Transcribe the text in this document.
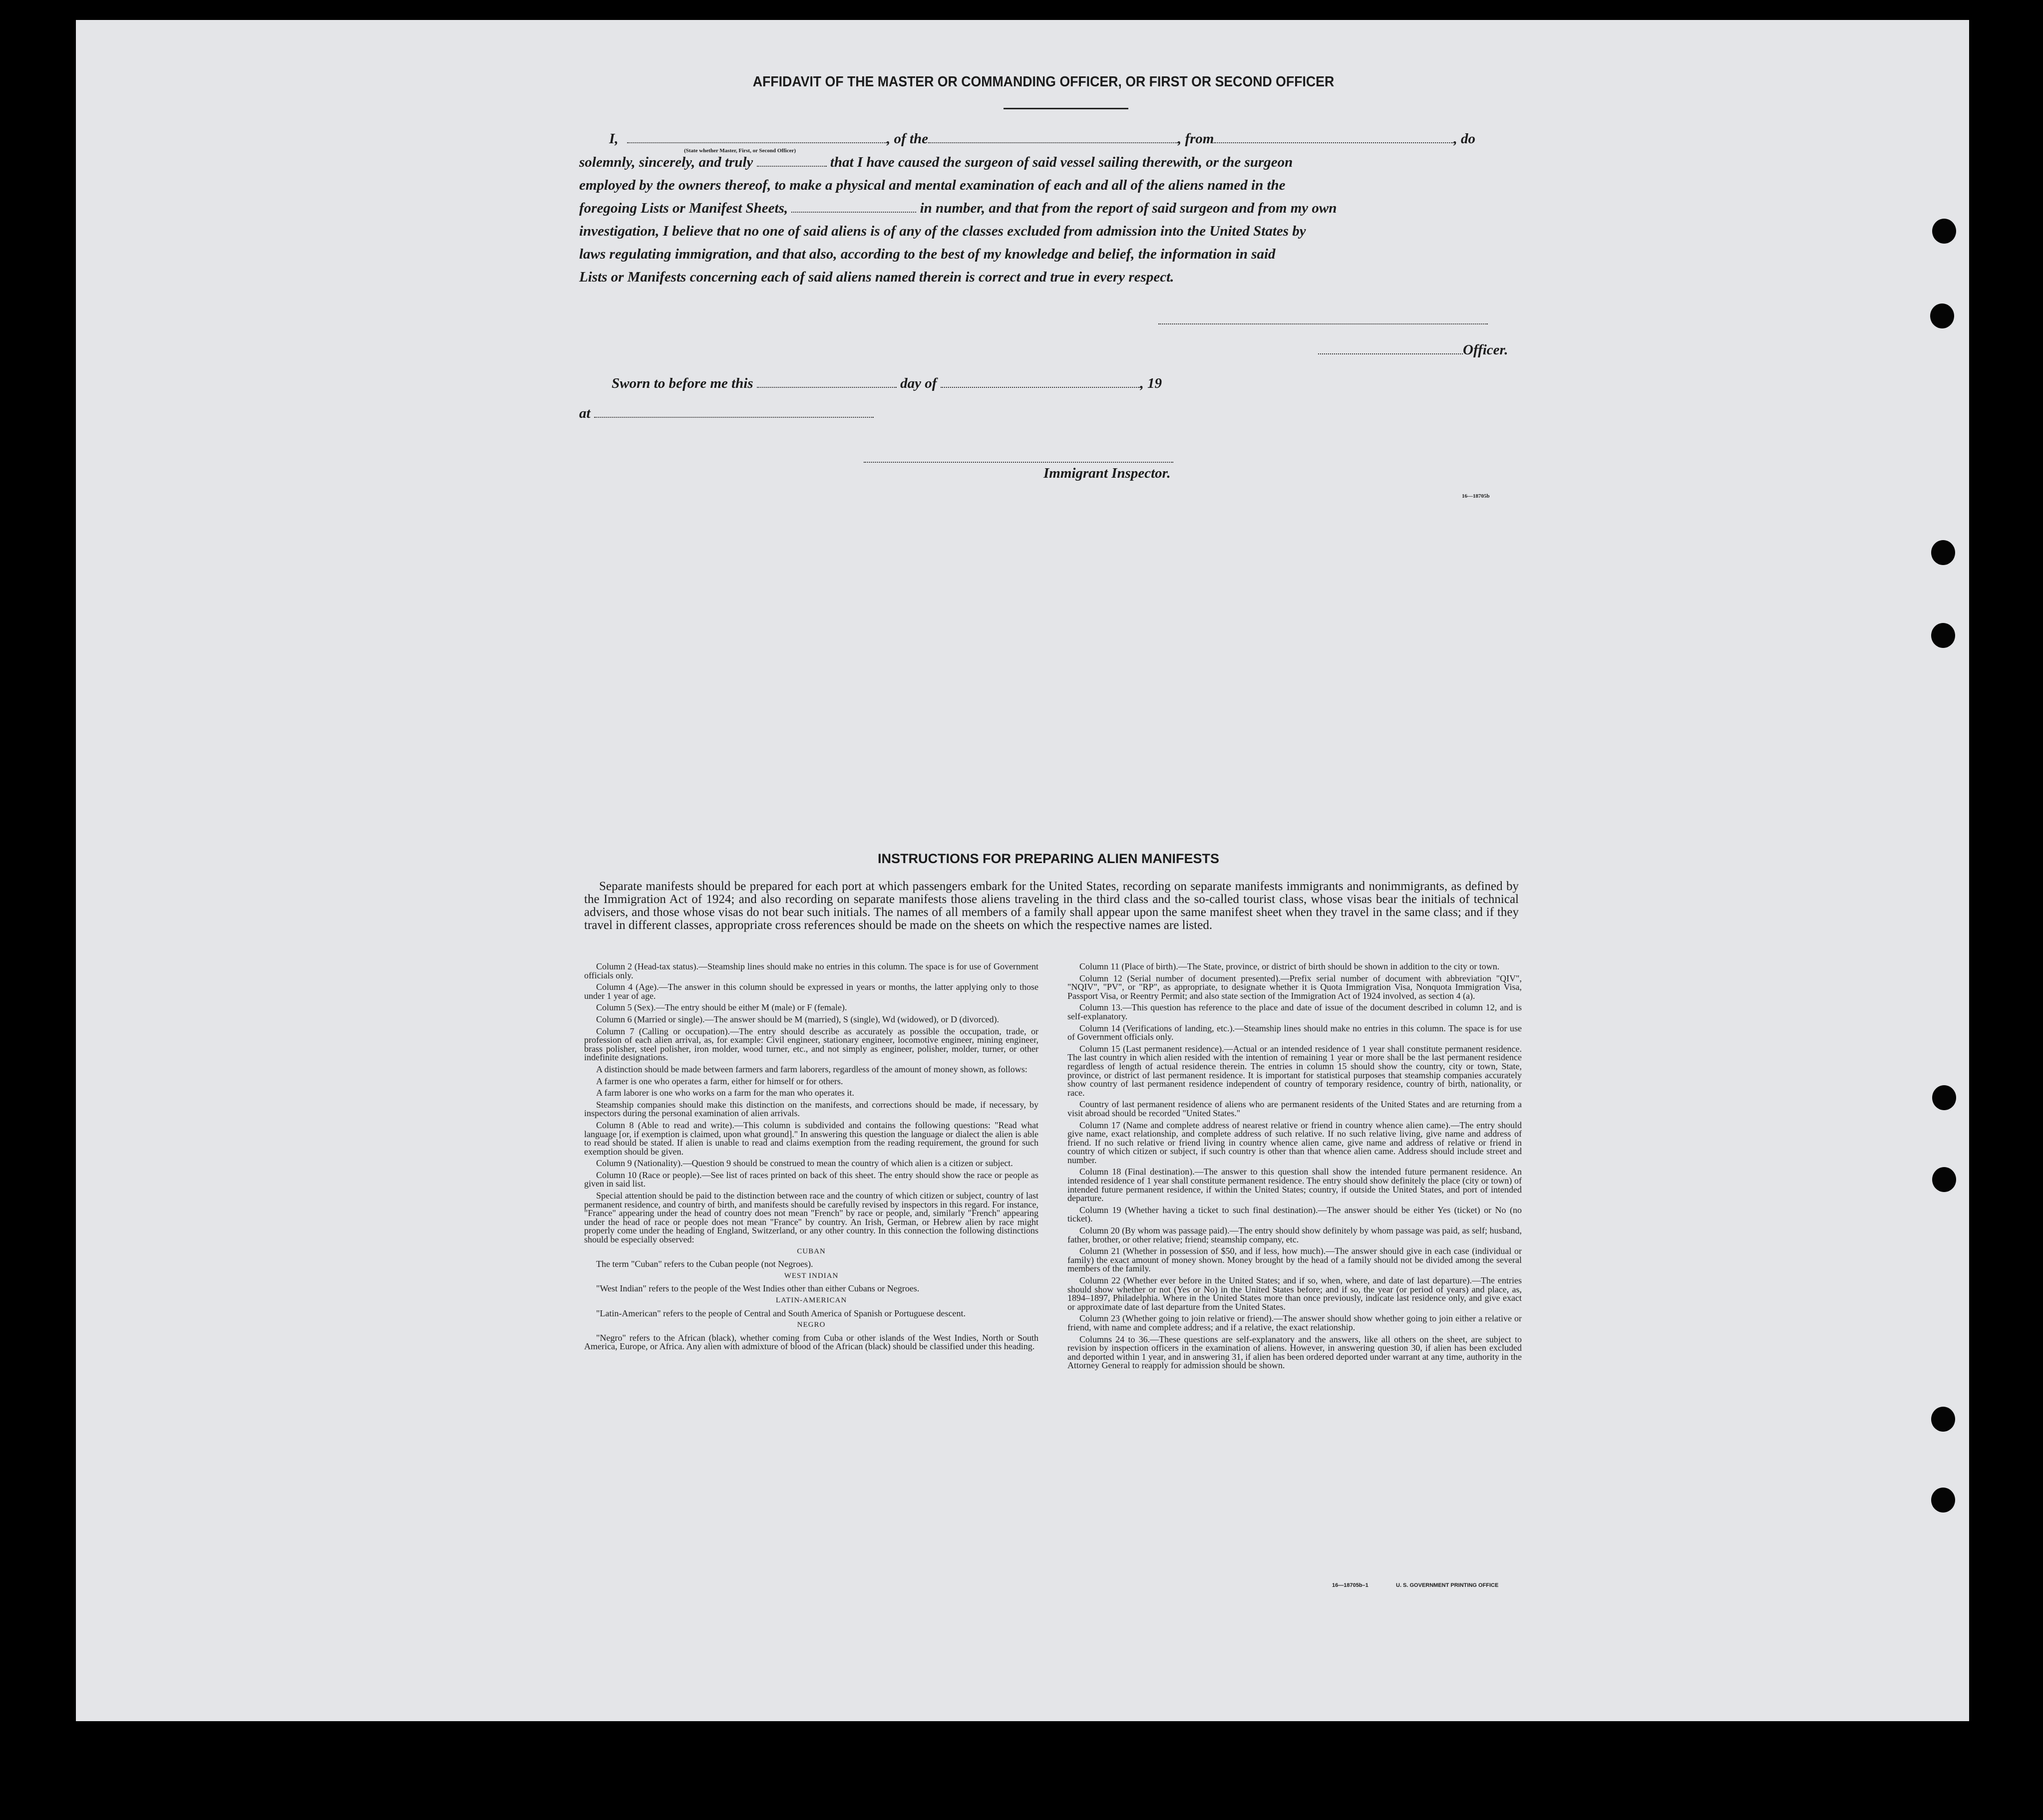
AFFIDAVIT OF THE MASTER OR COMMANDING OFFICER, OR FIRST OR SECOND OFFICER
I,	, of the	, from	, do
(State whether Master, First, or Second Officer)
solemnly, sincerely, and truly	that I have caused the surgeon of said vessel sailing therewith, or the surgeon
employed by the owners thereof, to make a physical and mental examination of each and all of the aliens named in the
foregoing Lists or Manifest Sheets,	in number, and that from the report of said surgeon and from my own
investigation, I believe that no one of said aliens is of any of the classes excluded from admission into the United States by
laws regulating immigration, and that also, according to the best of my knowledge and belief, the information in said
Lists or Manifests concerning each of said aliens named therein is correct and true in every respect.
Officer.
Sworn to before me this	day of	, 19
at
Immigrant Inspector.
16—18705b
INSTRUCTIONS FOR PREPARING ALIEN MANIFESTS
Separate manifests should be prepared for each port at which passengers embark for the United States, recording on separate manifests immigrants and nonimmigrants, as defined by the Immigration Act of 1924; and also recording on separate manifests those aliens traveling in the third class and the so-called tourist class, whose visas bear the initials of technical advisers, and those whose visas do not bear such initials. The names of all members of a family shall appear upon the same manifest sheet when they travel in the same class; and if they travel in different classes, appropriate cross references should be made on the sheets on which the respective names are listed.

Column 2 (Head-tax status).—Steamship lines should make no entries in this column. The space is for use of Government officials only.

Column 4 (Age).—The answer in this column should be expressed in years or months, the latter applying only to those under 1 year of age.

Column 5 (Sex).—The entry should be either M (male) or F (female).

Column 6 (Married or single).—The answer should be M (married), S (single), Wd (widowed), or D (divorced).

Column 7 (Calling or occupation).—The entry should describe as accurately as possible the occupation, trade, or profession of each alien arrival, as, for example: Civil engineer, stationary engineer, locomotive engineer, mining engineer, brass polisher, steel polisher, iron molder, wood turner, etc., and not simply as engineer, polisher, molder, turner, or other indefinite designations.

A distinction should be made between farmers and farm laborers, regardless of the amount of money shown, as follows:

A farmer is one who operates a farm, either for himself or for others.

A farm laborer is one who works on a farm for the man who operates it.

Steamship companies should make this distinction on the manifests, and corrections should be made, if necessary, by inspectors during the personal examination of alien arrivals.

Column 8 (Able to read and write).—This column is subdivided and contains the following questions: "Read what language [or, if exemption is claimed, upon what ground]." In answering this question the language or dialect the alien is able to read should be stated. If alien is unable to read and claims exemption from the reading requirement, the ground for such exemption should be given.

Column 9 (Nationality).—Question 9 should be construed to mean the country of which alien is a citizen or subject.

Column 10 (Race or people).—See list of races printed on back of this sheet. The entry should show the race or people as given in said list.

Special attention should be paid to the distinction between race and the country of which citizen or subject, country of last permanent residence, and country of birth, and manifests should be carefully revised by inspectors in this regard. For instance, "France" appearing under the head of country does not mean "French" by race or people, and, similarly "French" appearing under the head of race or people does not mean "France" by country. An Irish, German, or Hebrew alien by race might properly come under the heading of England, Switzerland, or any other country. In this connection the following distinctions should be especially observed:

CUBAN

The term "Cuban" refers to the Cuban people (not Negroes).

WEST INDIAN

"West Indian" refers to the people of the West Indies other than either Cubans or Negroes.

LATIN-AMERICAN

"Latin-American" refers to the people of Central and South America of Spanish or Portuguese descent.

NEGRO

"Negro" refers to the African (black), whether coming from Cuba or other islands of the West Indies, North or South America, Europe, or Africa. Any alien with admixture of blood of the African (black) should be classified under this heading.

Column 11 (Place of birth).—The State, province, or district of birth should be shown in addition to the city or town.

Column 12 (Serial number of document presented).—Prefix serial number of document with abbreviation "QIV", "NQIV", "PV", or "RP", as appropriate, to designate whether it is Quota Immigration Visa, Nonquota Immigration Visa, Passport Visa, or Reentry Permit; and also state section of the Immigration Act of 1924 involved, as section 4 (a).

Column 13.—This question has reference to the place and date of issue of the document described in column 12, and is self-explanatory.

Column 14 (Verifications of landing, etc.).—Steamship lines should make no entries in this column. The space is for use of Government officials only.

Column 15 (Last permanent residence).—Actual or an intended residence of 1 year shall constitute permanent residence. The last country in which alien resided with the intention of remaining 1 year or more shall be the last permanent residence regardless of length of actual residence therein. The entries in column 15 should show the country, city or town, State, province, or district of last permanent residence. It is important for statistical purposes that steamship companies accurately show country of last permanent residence independent of country of temporary residence, country of birth, nationality, or race.

Country of last permanent residence of aliens who are permanent residents of the United States and are returning from a visit abroad should be recorded "United States."

Column 17 (Name and complete address of nearest relative or friend in country whence alien came).—The entry should give name, exact relationship, and complete address of such relative. If no such relative living, give name and address of friend. If no such relative or friend living in country whence alien came, give name and address of relative or friend in country of which citizen or subject, if such country is other than that whence alien came. Address should include street and number.

Column 18 (Final destination).—The answer to this question shall show the intended future permanent residence. An intended residence of 1 year shall constitute permanent residence. The entry should show definitely the place (city or town) of intended future permanent residence, if within the United States; country, if outside the United States, and port of intended departure.

Column 19 (Whether having a ticket to such final destination).—The answer should be either Yes (ticket) or No (no ticket).

Column 20 (By whom was passage paid).—The entry should show definitely by whom passage was paid, as self; husband, father, brother, or other relative; friend; steamship company, etc.

Column 21 (Whether in possession of $50, and if less, how much).—The answer should give in each case (individual or family) the exact amount of money shown. Money brought by the head of a family should not be divided among the several members of the family.

Column 22 (Whether ever before in the United States; and if so, when, where, and date of last departure).—The entries should show whether or not (Yes or No) in the United States before; and if so, the year (or period of years) and place, as, 1894–1897, Philadelphia. Where in the United States more than once previously, indicate last residence only, and give exact or approximate date of last departure from the United States.

Column 23 (Whether going to join relative or friend).—The answer should show whether going to join either a relative or friend, with name and complete address; and if a relative, the exact relationship.

Columns 24 to 36.—These questions are self-explanatory and the answers, like all others on the sheet, are subject to revision by inspection officers in the examination of aliens. However, in answering question 30, if alien has been excluded and deported within 1 year, and in answering 31, if alien has been ordered deported under warrant at any time, authority in the Attorney General to reapply for admission should be shown.

16—18705b–1	U. S. GOVERNMENT PRINTING OFFICE
